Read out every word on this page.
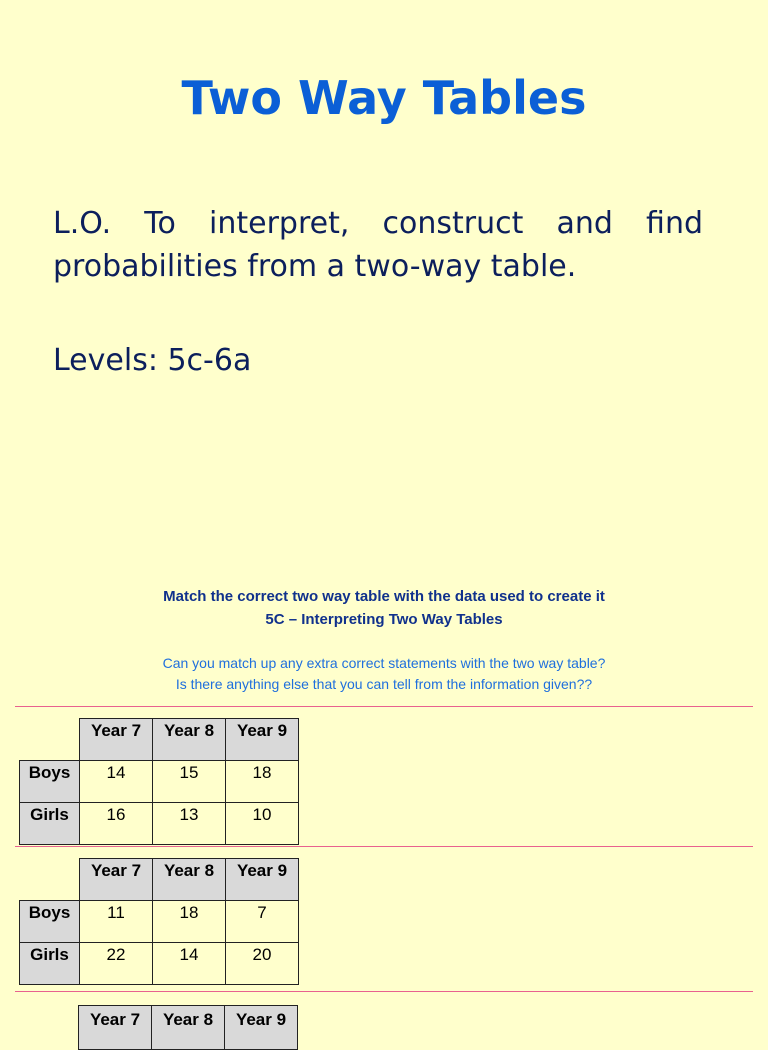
Two Way Tables
L.O. To interpret, construct and find probabilities from a two-way table.
Levels: 5c-6a
Match the correct two way table with the data used to create it
5C – Interpreting Two Way Tables
Can you match up any extra correct statements with the two way table?
Is there anything else that you can tell from the information given??
	Year 7	Year 8	Year 9
Boys	14	15	18
Girls	16	13	10
	Year 7	Year 8	Year 9
Boys	11	18	7
Girls	22	14	20
	Year 7	Year 8	Year 9
